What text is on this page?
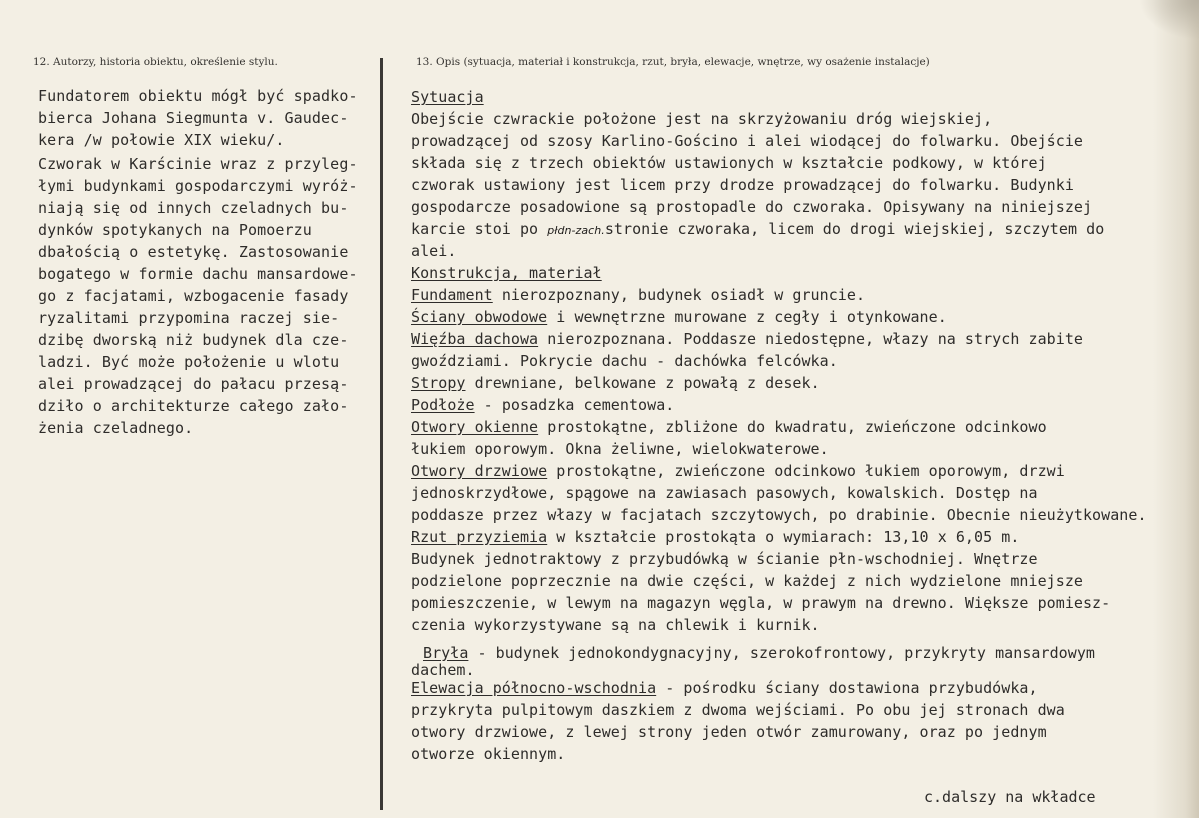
12. Autorzy, historia obiektu, określenie stylu.	13. Opis (sytuacja, materiał i konstrukcja, rzut, bryła, elewacje, wnętrze, wy osażenie instalacje)
Fundatorem obiektu mógł być spadko-
bierca Johana Siegmunta v. Gaudec-
kera /w połowie XIX wieku/.
Czworak w Karścinie wraz z przyleg-
łymi budynkami gospodarczymi wyróż-
niają się od innych czeladnych bu-
dynków spotykanych na Pomoerzu
dbałością o estetykę. Zastosowanie
bogatego w formie dachu mansardowe-
go z facjatami, wzbogacenie fasady
ryzalitami przypomina raczej sie-
dzibę dworską niż budynek dla cze-
ladzi. Być może położenie u wlotu
alei prowadzącej do pałacu przesą-
dziło o architekturze całego zało-
żenia czeladnego.
Sytuacja
Obejście czwrackie położone jest na skrzyżowaniu dróg wiejskiej,
prowadzącej od szosy Karlino-Gościno i alei wiodącej do folwarku. Obejście
składa się z trzech obiektów ustawionych w kształcie podkowy, w której
czworak ustawiony jest licem przy drodze prowadzącej do folwarku. Budynki
gospodarcze posadowione są prostopadle do czworaka. Opisywany na niniejszej
karcie stoi po płdn-zach.stronie czworaka, licem do drogi wiejskiej, szczytem do
alei.
Konstrukcja, materiał
Fundament nierozpoznany, budynek osiadł w gruncie.
Ściany obwodowe i wewnętrzne murowane z cegły i otynkowane.
Więźba dachowa nierozpoznana. Poddasze niedostępne, włazy na strych zabite
gwoździami. Pokrycie dachu - dachówka felcówka.
Stropy drewniane, belkowane z powałą z desek.
Podłoże - posadzka cementowa.
Otwory okienne prostokątne, zbliżone do kwadratu, zwieńczone odcinkowo
łukiem oporowym. Okna żeliwne, wielokwaterowe.
Otwory drzwiowe prostokątne, zwieńczone odcinkowo łukiem oporowym, drzwi
jednoskrzydłowe, spągowe na zawiasach pasowych, kowalskich. Dostęp na
poddasze przez włazy w facjatach szczytowych, po drabinie. Obecnie nieużytkowane.
Rzut przyziemia w kształcie prostokąta o wymiarach: 13,10 x 6,05 m.
Budynek jednotraktowy z przybudówką w ścianie płn-wschodniej. Wnętrze
podzielone poprzecznie na dwie części, w każdej z nich wydzielone mniejsze
pomieszczenie, w lewym na magazyn węgla, w prawym na drewno. Większe pomiesz-
czenia wykorzystywane są na chlewik i kurnik.
Bryła - budynek jednokondygnacyjny, szerokofrontowy, przykryty mansardowym
dachem.
Elewacja północno-wschodnia - pośrodku ściany dostawiona przybudówka,
przykryta pulpitowym daszkiem z dwoma wejściami. Po obu jej stronach dwa
otwory drzwiowe, z lewej strony jeden otwór zamurowany, oraz po jednym
otworze okiennym.
c.dalszy na wkładce
